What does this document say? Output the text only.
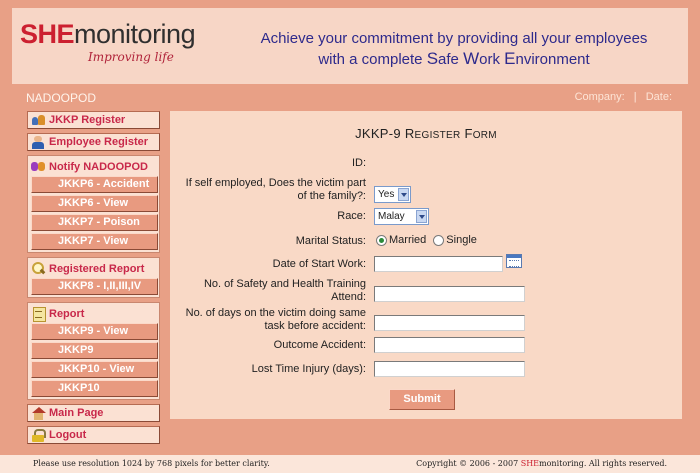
SHEmonitoring
Improving life
Achieve your commitment by providing all your employees
with a complete Safe Work Environment
NADOOPOD	Company: | Date:
JKKP Register
Employee Register
Notify NADOOPOD
JKKP6 - Accident
JKKP6 - View
JKKP7 - Poison
JKKP7 - View
Registered Report
JKKP8 - I,II,III,IV
Report
JKKP9 - View
JKKP9
JKKP10 - View
JKKP10
Main Page
Logout
JKKP-9 REGISTER FORM
ID:
If self employed, Does the victim part
of the family?:	Yes
Race:	Malay
Marital Status: Married Single
Date of Start Work:
No. of Safety and Health Training
Attend:
No. of days on the victim doing same
task before accident:
Outcome Accident:
Lost Time Injury (days):
Submit
Please use resolution 1024 by 768 pixels for better clarity.	Copyright © 2006 - 2007 SHEmonitoring. All rights reserved.
